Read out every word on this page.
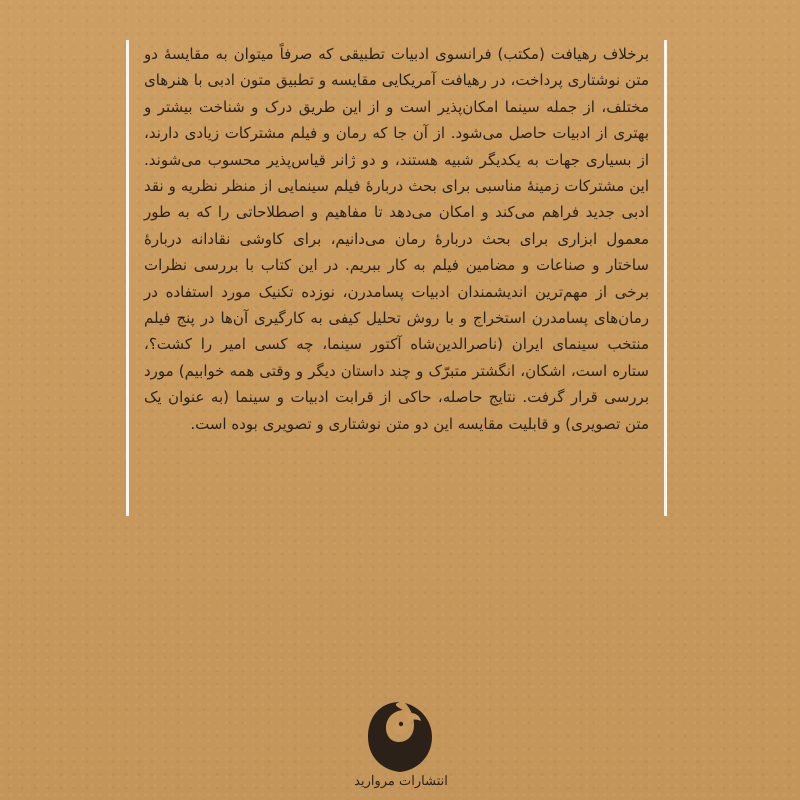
برخلاف رهیافت (مکتب) فرانسوی ادبیات تطبیقی که صرفاً میتوان به مقایسهٔ دو متن نوشتاری پرداخت، در رهیافت آمریکایی مقایسه و تطبیق متون ادبی با هنرهای مختلف، از جمله سینما امکان‌پذیر است و از این طریق درک و شناخت بیشتر و بهتری از ادبیات حاصل می‌شود. از آن جا که رمان و فیلم مشترکات زیادی دارند، از بسیاری جهات به یکدیگر شبیه هستند، و دو ژانر قیاس‌پذیر محسوب می‌شوند. این مشترکات زمینهٔ مناسبی برای بحث دربارهٔ فیلم سینمایی از منظر نظریه و نقد ادبی جدید فراهم می‌کند و امکان می‌دهد تا مفاهیم و اصطلاحاتی را که به طور معمول ابزاری برای بحث دربارهٔ رمان می‌دانیم، برای کاوشی نقادانه دربارهٔ ساختار و صناعات و مضامین فیلم به کار ببریم. در این کتاب با بررسی نظرات برخی از مهم‌ترین اندیشمندان ادبیات پسامدرن، نوزده تکنیک مورد استفاده در رمان‌های پسامدرن استخراج و با روش تحلیل کیفی به کارگیری آن‌ها در پنج فیلم منتخب سینمای ایران (ناصرالدین‌شاه آکتور سینما، چه کسی امیر را کشت؟، ستاره است، اشکان، انگشتر متبرّک و چند داستان دیگر و وقتی همه خوابیم) مورد بررسی قرار گرفت. نتایج حاصله، حاکی از قرابت ادبیات و سینما (به عنوان یک متن تصویری) و قابلیت مقایسه این دو متن نوشتاری و تصویری بوده است.

انتشارات مروارید
